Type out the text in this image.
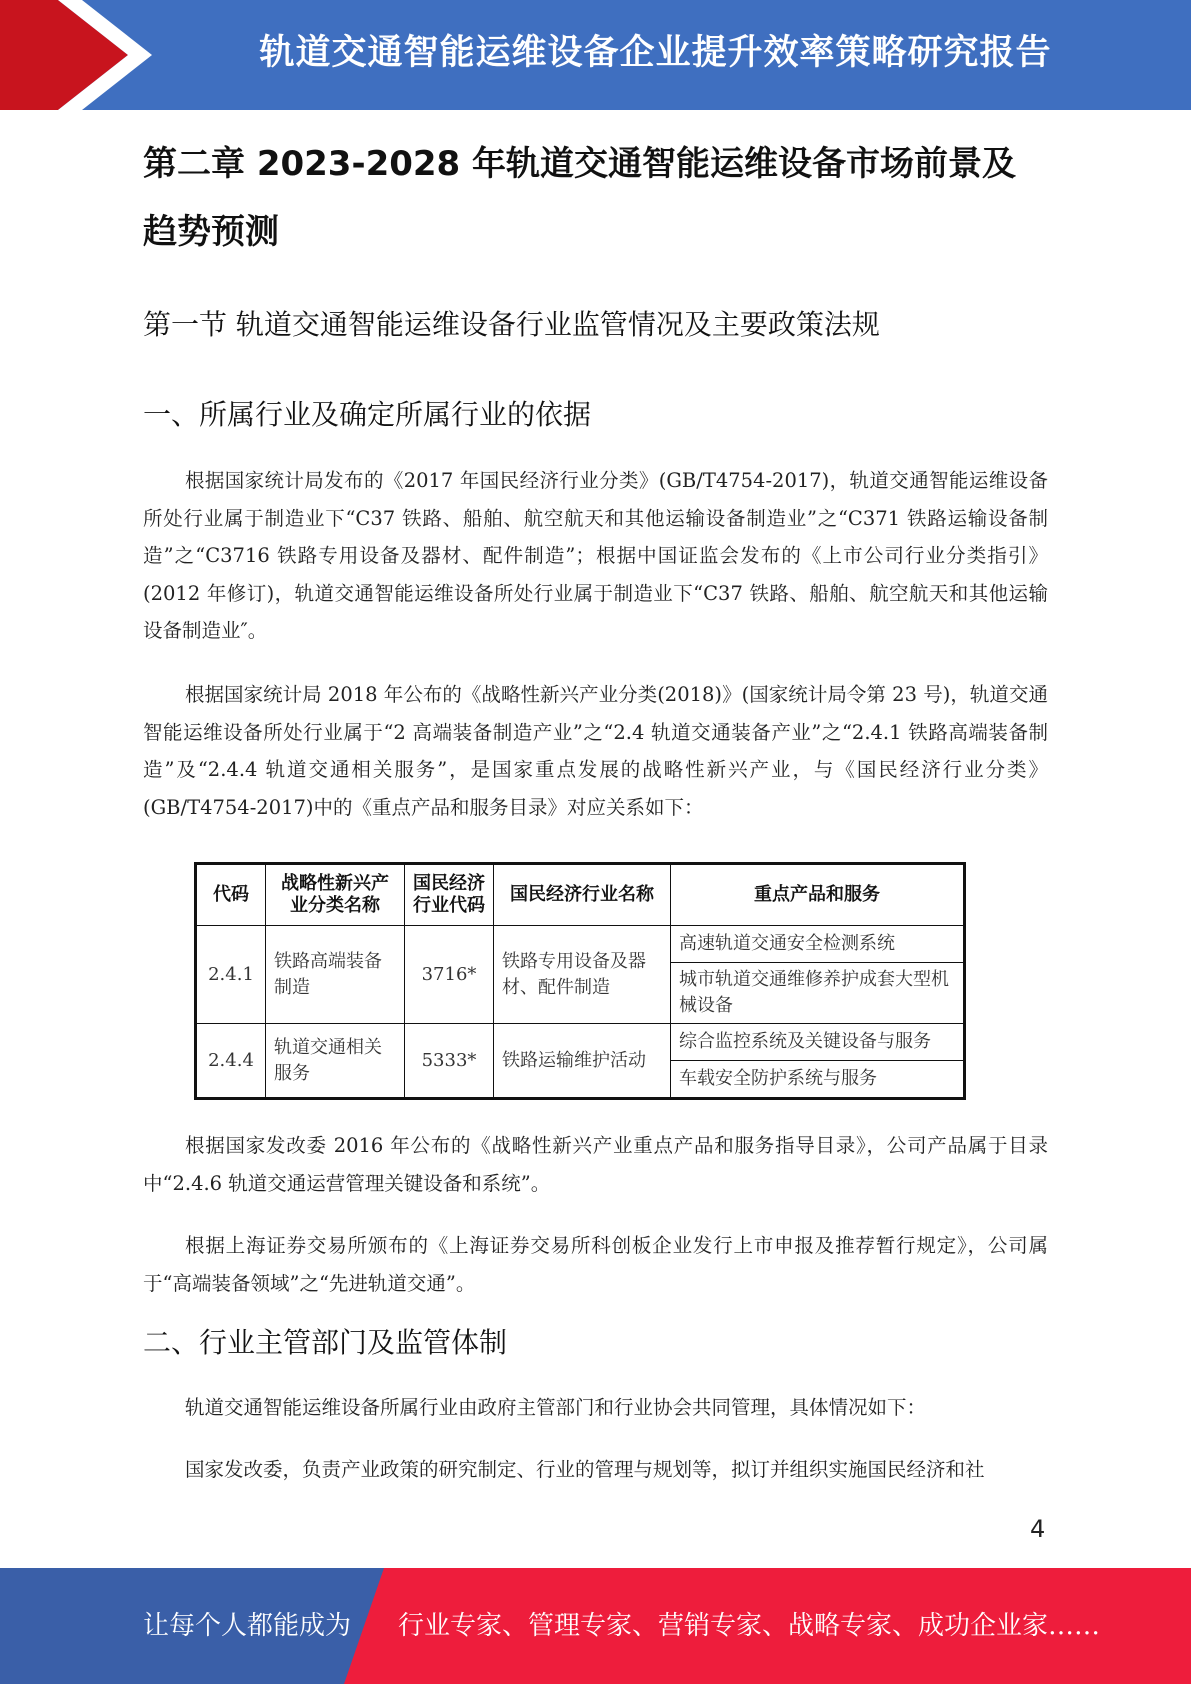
轨道交通智能运维设备企业提升效率策略研究报告
第二章 2023-2028 年轨道交通智能运维设备市场前景及趋势预测
第一节 轨道交通智能运维设备行业监管情况及主要政策法规
一、所属行业及确定所属行业的依据

根据国家统计局发布的《2017 年国民经济行业分类》(GB/T4754-2017)，轨道交通智能运维设备所处行业属于制造业下“C37 铁路、船舶、航空航天和其他运输设备制造业”之“C371 铁路运输设备制造”之“C3716 铁路专用设备及器材、配件制造”；根据中国证监会发布的《上市公司行业分类指引》(2012 年修订)，轨道交通智能运维设备所处行业属于制造业下“C37 铁路、船舶、航空航天和其他运输设备制造业″。

根据国家统计局 2018 年公布的《战略性新兴产业分类(2018)》(国家统计局令第 23 号)，轨道交通智能运维设备所处行业属于“2 高端装备制造产业”之“2.4 轨道交通装备产业”之“2.4.1 铁路高端装备制造”及“2.4.4 轨道交通相关服务”，是国家重点发展的战略性新兴产业，与《国民经济行业分类》(GB/T4754-2017)中的《重点产品和服务目录》对应关系如下：

代码	战略性新兴产业分类名称	国民经济行业代码	国民经济行业名称	重点产品和服务
2.4.1	铁路高端装备制造	3716*	铁路专用设备及器材、配件制造	高速轨道交通安全检测系统
				城市轨道交通维修养护成套大型机械设备
2.4.4	轨道交通相关服务	5333*	铁路运输维护活动	综合监控系统及关键设备与服务
				车载安全防护系统与服务

根据国家发改委 2016 年公布的《战略性新兴产业重点产品和服务指导目录》，公司产品属于目录中“2.4.6 轨道交通运营管理关键设备和系统”。

根据上海证券交易所颁布的《上海证券交易所科创板企业发行上市申报及推荐暂行规定》，公司属于“高端装备领域”之“先进轨道交通”。

二、行业主管部门及监管体制

轨道交通智能运维设备所属行业由政府主管部门和行业协会共同管理，具体情况如下：

国家发改委，负责产业政策的研究制定、行业的管理与规划等，拟订并组织实施国民经济和社

4
让每个人都能成为 行业专家、管理专家、营销专家、战略专家、成功企业家……
